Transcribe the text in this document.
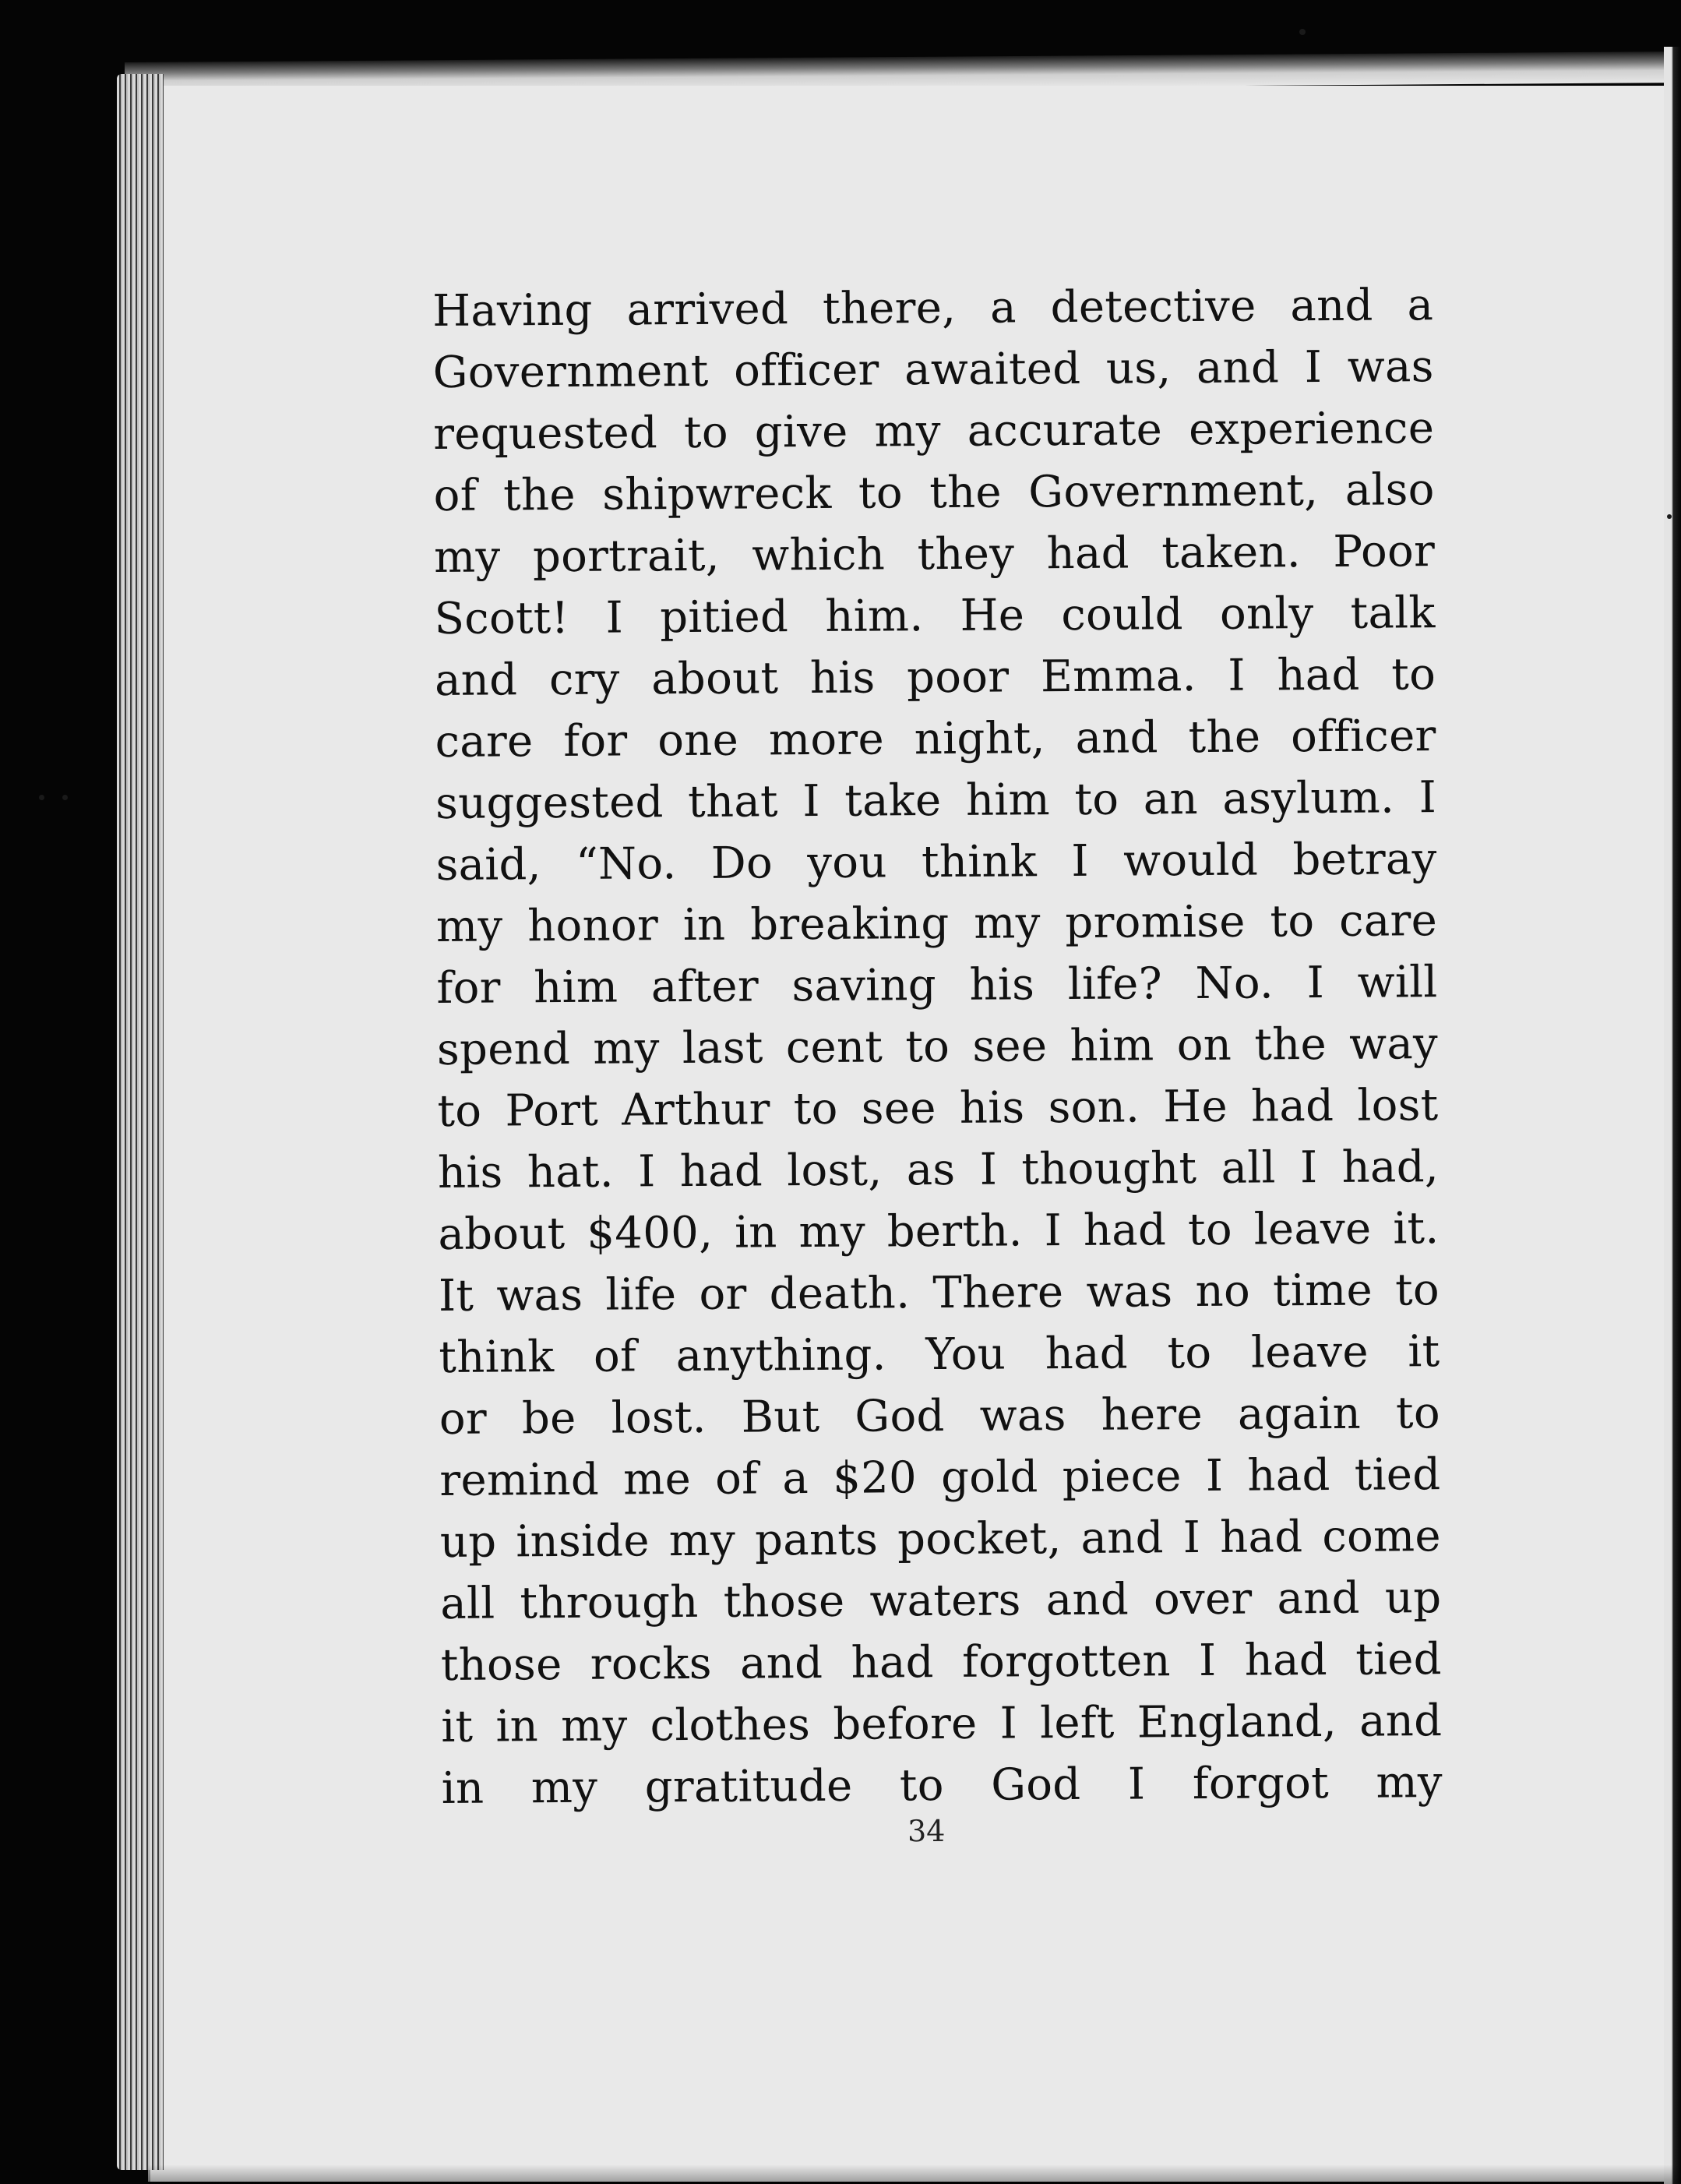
Having arrived there, a detective and a
Government officer awaited us, and I was
requested to give my accurate experience
of the shipwreck to the Government, also
my portrait, which they had taken. Poor
Scott! I pitied him. He could only talk
and cry about his poor Emma. I had to
care for one more night, and the officer
suggested that I take him to an asylum. I
said, “No. Do you think I would betray
my honor in breaking my promise to care
for him after saving his life? No. I will
spend my last cent to see him on the way
to Port Arthur to see his son. He had lost
his hat. I had lost, as I thought all I had,
about $400, in my berth. I had to leave it.
It was life or death. There was no time to
think of anything. You had to leave it
or be lost. But God was here again to
remind me of a $20 gold piece I had tied
up inside my pants pocket, and I had come
all through those waters and over and up
those rocks and had forgotten I had tied
it in my clothes before I left England, and
in my gratitude to God I forgot my
34
